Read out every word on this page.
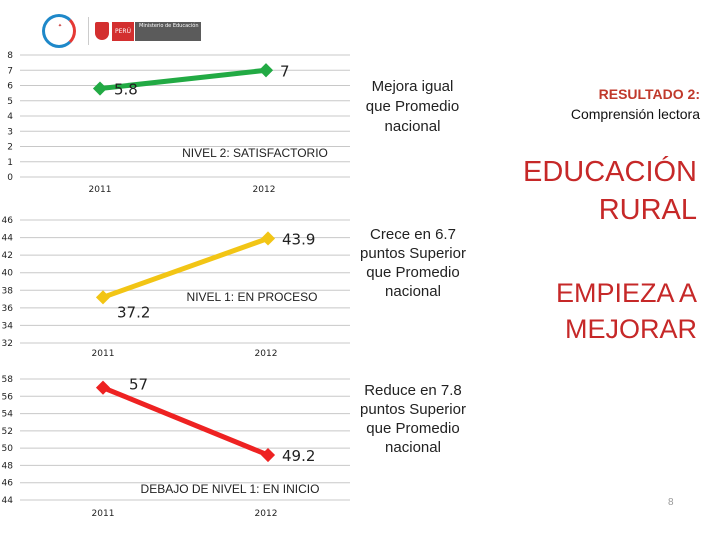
✦
PERÚ
Ministerio de Educación
0
1
2
3
4
5
6
7
8
5.8
2011
7
2012
NIVEL 2: SATISFACTORIO
32
34
36
38
40
42
44
46
37.2
2011
43.9
2012
NIVEL 1: EN PROCESO
44
46
48
50
52
54
56
58	57
2011
49.2
2012
DEBAJO DE NIVEL 1: EN INICIO
Mejora igual que Promedio nacional
Crece en 6.7 puntos Superior que Promedio nacional
Reduce en 7.8 puntos Superior que Promedio nacional
RESULTADO 2:
Comprensión lectora
EDUCACIÓN RURAL
EMPIEZA A MEJORAR
8
